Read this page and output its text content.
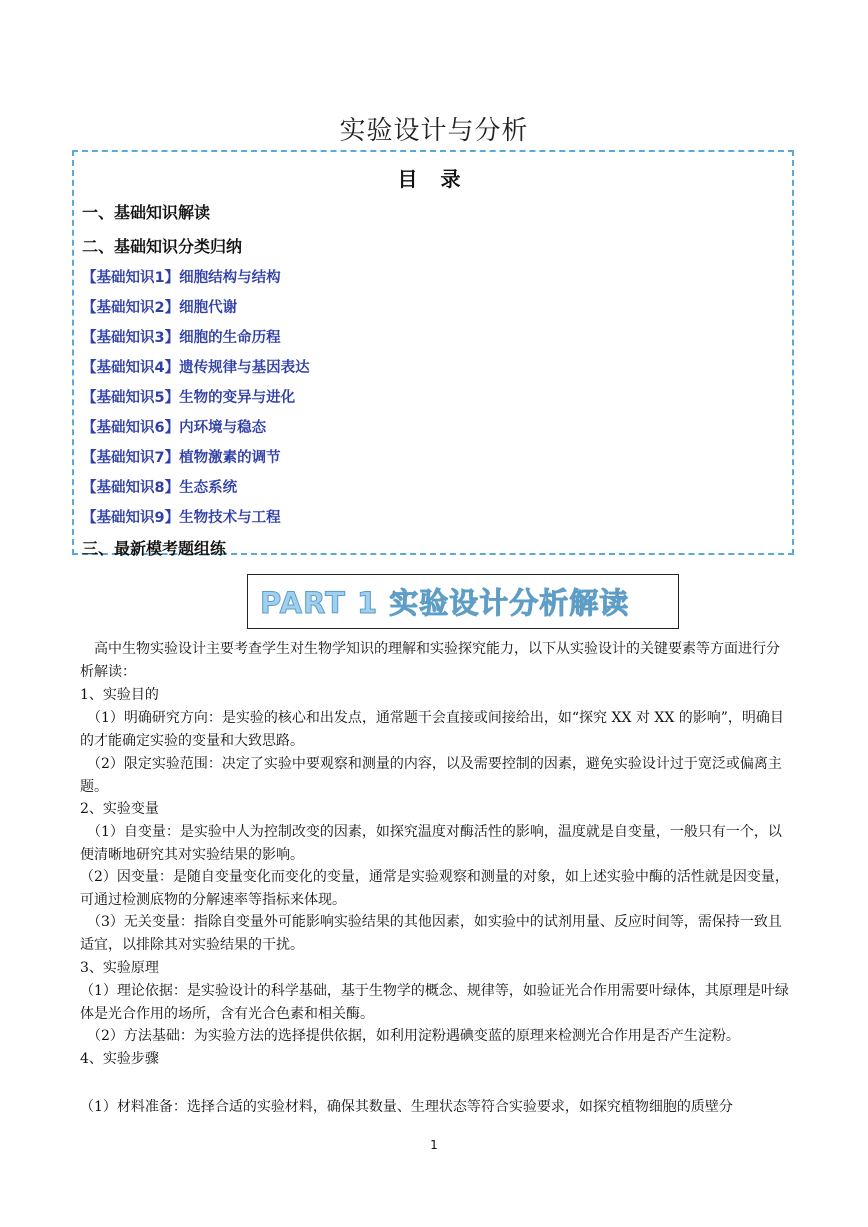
实验设计与分析
目 录
一、基础知识解读
二、基础知识分类归纳
【基础知识1】细胞结构与结构
【基础知识2】细胞代谢
【基础知识3】细胞的生命历程
【基础知识4】遗传规律与基因表达
【基础知识5】生物的变异与进化
【基础知识6】内环境与稳态
【基础知识7】植物激素的调节
【基础知识8】生态系统
【基础知识9】生物技术与工程
三、最新模考题组练
PART 1 实验设计分析解读
　高中生物实验设计主要考查学生对生物学知识的理解和实验探究能力，以下从实验设计的关键要素等方面进行分析解读：
1、实验目的
　（1）明确研究方向：是实验的核心和出发点，通常题干会直接或间接给出，如“探究 XX 对 XX 的影响”，明确目的才能确定实验的变量和大致思路。
　（2）限定实验范围：决定了实验中要观察和测量的内容，以及需要控制的因素，避免实验设计过于宽泛或偏离主题。
2、实验变量
　（1）自变量：是实验中人为控制改变的因素，如探究温度对酶活性的影响，温度就是自变量，一般只有一个，以便清晰地研究其对实验结果的影响。
（2）因变量：是随自变量变化而变化的变量，通常是实验观察和测量的对象，如上述实验中酶的活性就是因变量，可通过检测底物的分解速率等指标来体现。
　（3）无关变量：指除自变量外可能影响实验结果的其他因素，如实验中的试剂用量、反应时间等，需保持一致且适宜，以排除其对实验结果的干扰。
3、实验原理
（1）理论依据：是实验设计的科学基础，基于生物学的概念、规律等，如验证光合作用需要叶绿体，其原理是叶绿体是光合作用的场所，含有光合色素和相关酶。
　（2）方法基础：为实验方法的选择提供依据，如利用淀粉遇碘变蓝的原理来检测光合作用是否产生淀粉。
4、实验步骤
（1）材料准备：选择合适的实验材料，确保其数量、生理状态等符合实验要求，如探究植物细胞的质壁分
1
